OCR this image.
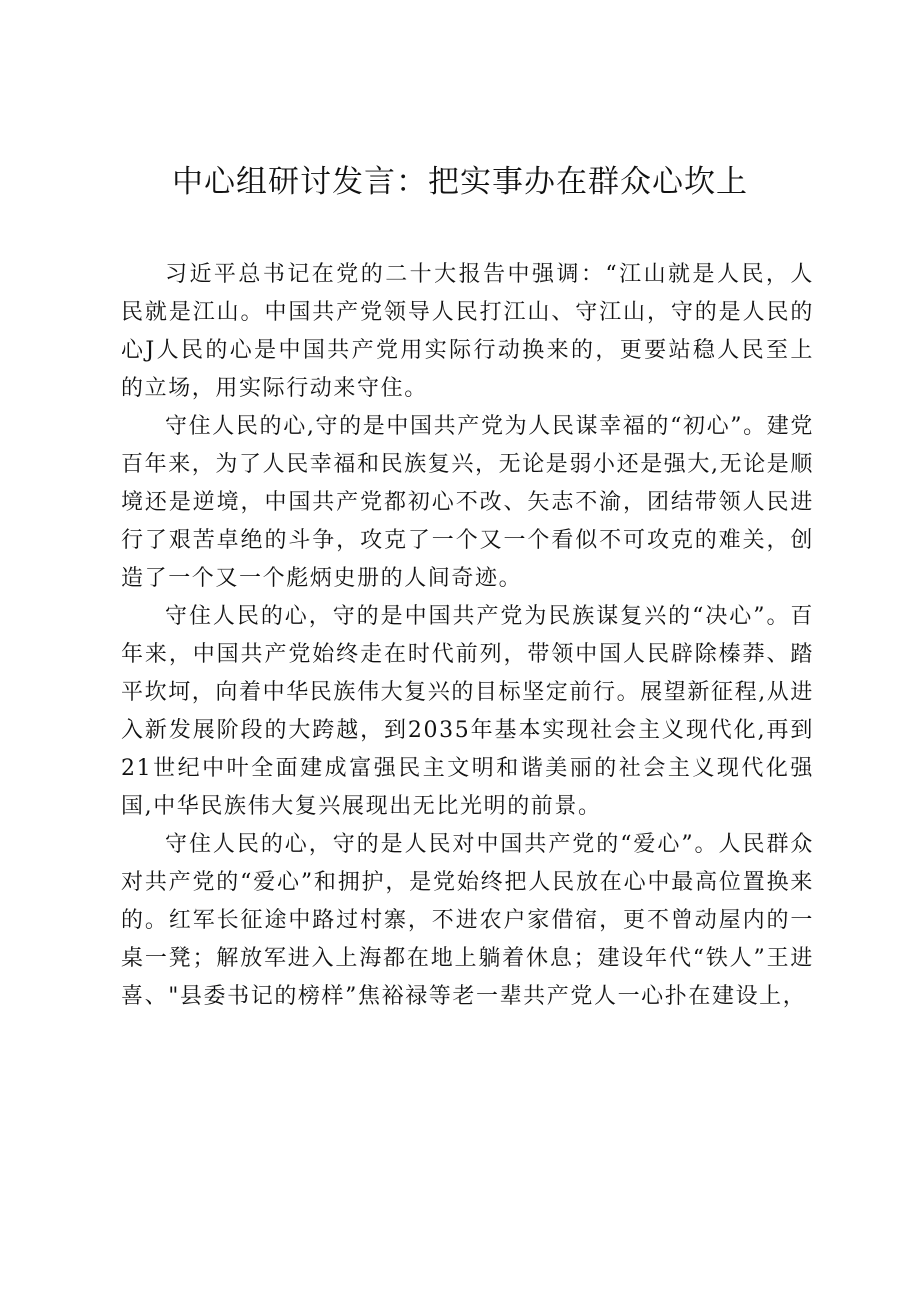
中心组研讨发言：把实事办在群众心坎上

习近平总书记在党的二十大报告中强调：“江山就是人民，人民就是江山。中国共产党领导人民打江山、守江山，守的是人民的心J人民的心是中国共产党用实际行动换来的，更要站稳人民至上的立场，用实际行动来守住。

守住人民的心,守的是中国共产党为人民谋幸福的“初心”。建党百年来，为了人民幸福和民族复兴，无论是弱小还是强大,无论是顺境还是逆境，中国共产党都初心不改、矢志不渝，团结带领人民进行了艰苦卓绝的斗争，攻克了一个又一个看似不可攻克的难关，创造了一个又一个彪炳史册的人间奇迹。

守住人民的心，守的是中国共产党为民族谋复兴的“决心”。百年来，中国共产党始终走在时代前列，带领中国人民辟除榛莽、踏平坎坷，向着中华民族伟大复兴的目标坚定前行。展望新征程,从进入新发展阶段的大跨越，到2035年基本实现社会主义现代化,再到21世纪中叶全面建成富强民主文明和谐美丽的社会主义现代化强国,中华民族伟大复兴展现出无比光明的前景。

守住人民的心，守的是人民对中国共产党的“爱心”。人民群众对共产党的“爱心”和拥护，是党始终把人民放在心中最高位置换来的。红军长征途中路过村寨，不进农户家借宿，更不曾动屋内的一桌一凳；解放军进入上海都在地上躺着休息；建设年代“铁人”王进喜、"县委书记的榜样”焦裕禄等老一辈共产党人一心扑在建设上，
